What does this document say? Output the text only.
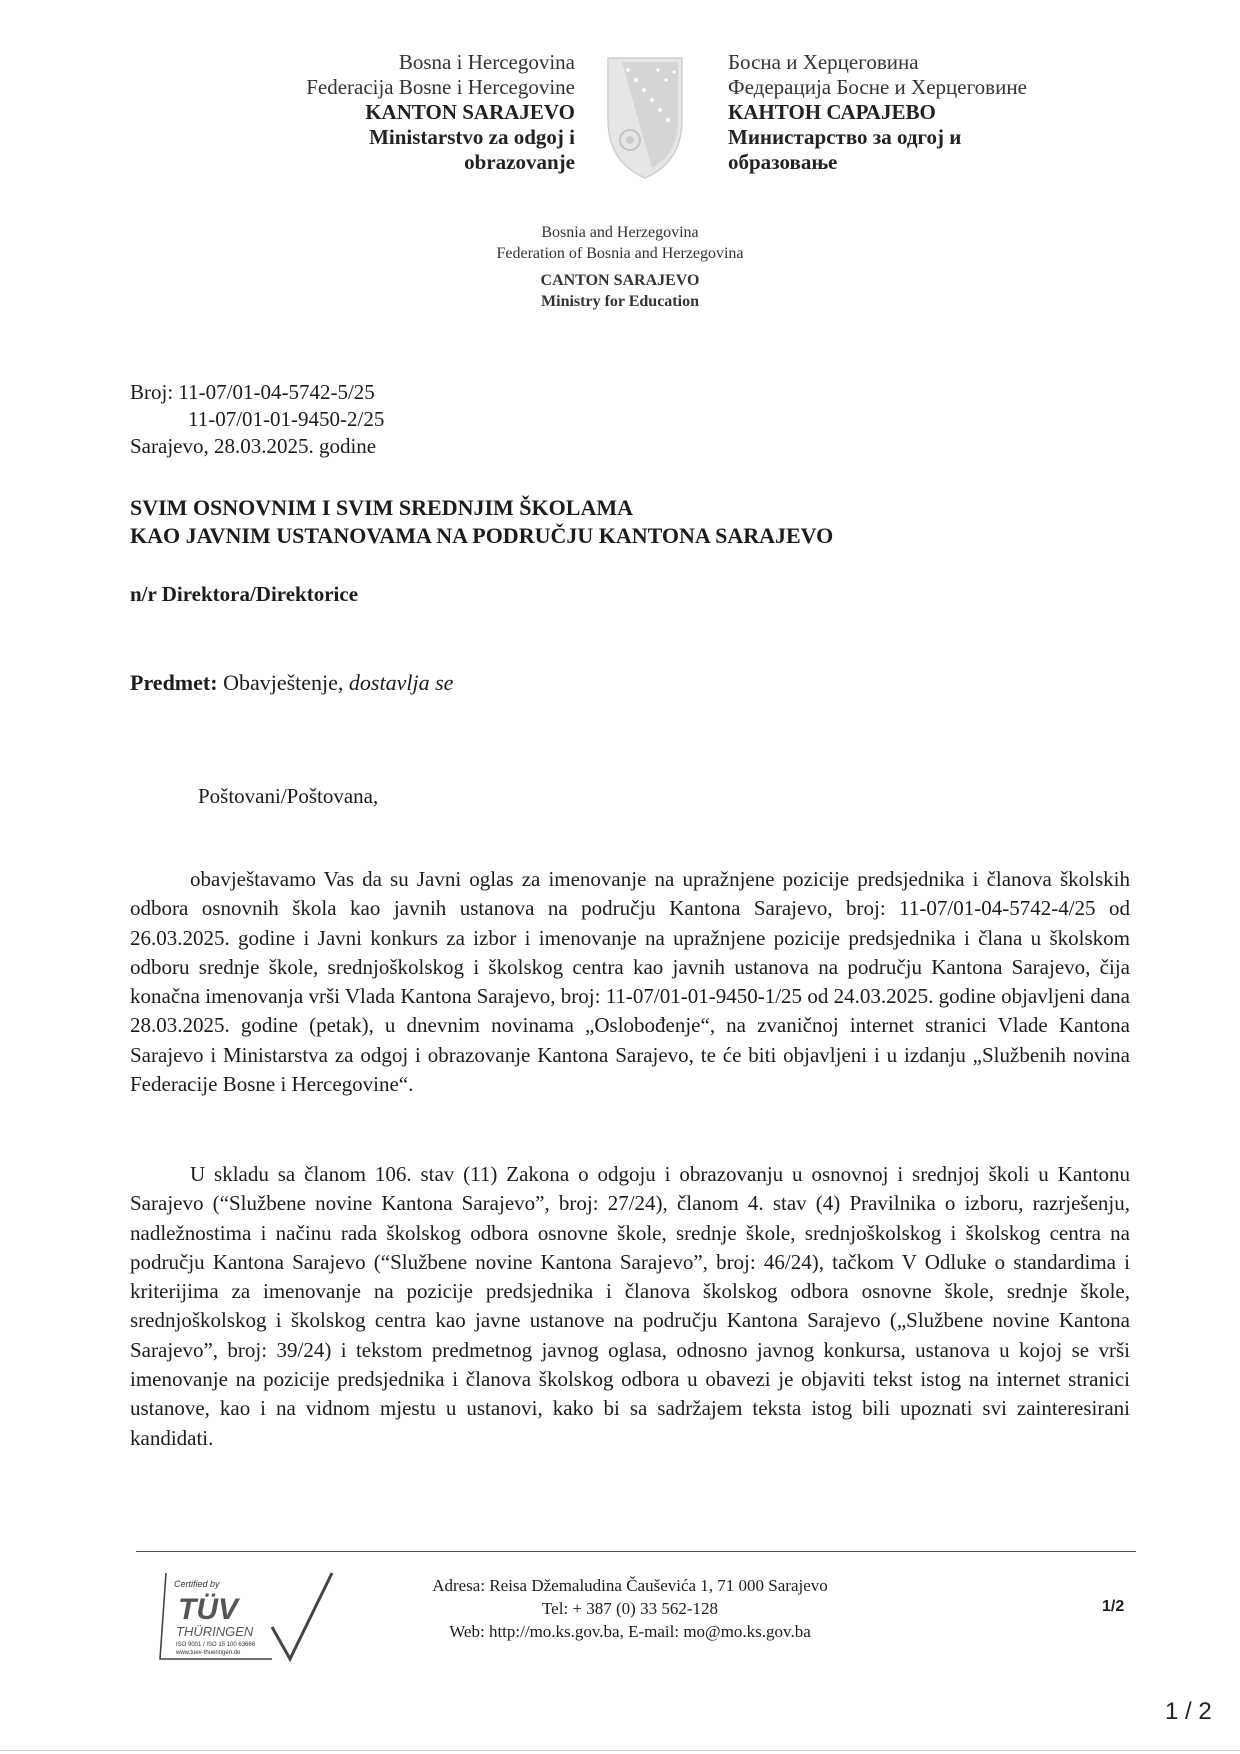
Bosna i Hercegovina
Federacija Bosne i Hercegovine
KANTON SARAJEVO
Ministarstvo za odgoj i
obrazovanje
Босна и Херцеговина
Федерација Босне и Херцеговине
КАНТОН САРАЈЕВО
Министарство за одгој и
образовање
Bosnia and Herzegovina
Federation of Bosnia and Herzegovina
CANTON SARAJEVO
Ministry for Education
Broj: 11-07/01-04-5742-5/25
11-07/01-01-9450-2/25
Sarajevo, 28.03.2025. godine
SVIM OSNOVNIM I SVIM SREDNJIM ŠKOLAMA
KAO JAVNIM USTANOVAMA NA PODRUČJU KANTONA SARAJEVO
n/r Direktora/Direktorice
Predmet: Obavještenje, dostavlja se
Poštovani/Poštovana,
obavještavamo Vas da su Javni oglas za imenovanje na upražnjene pozicije predsjednika i članova školskih odbora osnovnih škola kao javnih ustanova na području Kantona Sarajevo, broj: 11-07/01-04-5742-4/25 od 26.03.2025. godine i Javni konkurs za izbor i imenovanje na upražnjene pozicije predsjednika i člana u školskom odboru srednje škole, srednjoškolskog i školskog centra kao javnih ustanova na području Kantona Sarajevo, čija konačna imenovanja vrši Vlada Kantona Sarajevo, broj: 11-07/01-01-9450-1/25 od 24.03.2025. godine objavljeni dana 28.03.2025. godine (petak), u dnevnim novinama „Oslobođenje“, na zvaničnoj internet stranici Vlade Kantona Sarajevo i Ministarstva za odgoj i obrazovanje Kantona Sarajevo, te će biti objavljeni i u izdanju „Službenih novina Federacije Bosne i Hercegovine“.
U skladu sa članom 106. stav (11) Zakona o odgoju i obrazovanju u osnovnoj i srednjoj školi u Kantonu Sarajevo (“Službene novine Kantona Sarajevo”, broj: 27/24), članom 4. stav (4) Pravilnika o izboru, razrješenju, nadležnostima i načinu rada školskog odbora osnovne škole, srednje škole, srednjoškolskog i školskog centra na području Kantona Sarajevo (“Službene novine Kantona Sarajevo”, broj: 46/24), tačkom V Odluke o standardima i kriterijima za imenovanje na pozicije predsjednika i članova školskog odbora osnovne škole, srednje škole, srednjoškolskog i školskog centra kao javne ustanove na području Kantona Sarajevo („Službene novine Kantona Sarajevo”, broj: 39/24) i tekstom predmetnog javnog oglasa, odnosno javnog konkursa, ustanova u kojoj se vrši imenovanje na pozicije predsjednika i članova školskog odbora u obavezi je objaviti tekst istog na internet stranici ustanove, kao i na vidnom mjestu u ustanovi, kako bi sa sadržajem teksta istog bili upoznati svi zainteresirani kandidati.
Certified by
TÜV
THÜRINGEN
ISO 9001 / ISO 15 100 63666
www.tuev-thueringen.de
Adresa: Reisa Džemaludina Čauševića 1, 71 000 Sarajevo
Tel: + 387 (0) 33 562-128
Web: http://mo.ks.gov.ba, E-mail: mo@mo.ks.gov.ba
1/2
1 / 2
